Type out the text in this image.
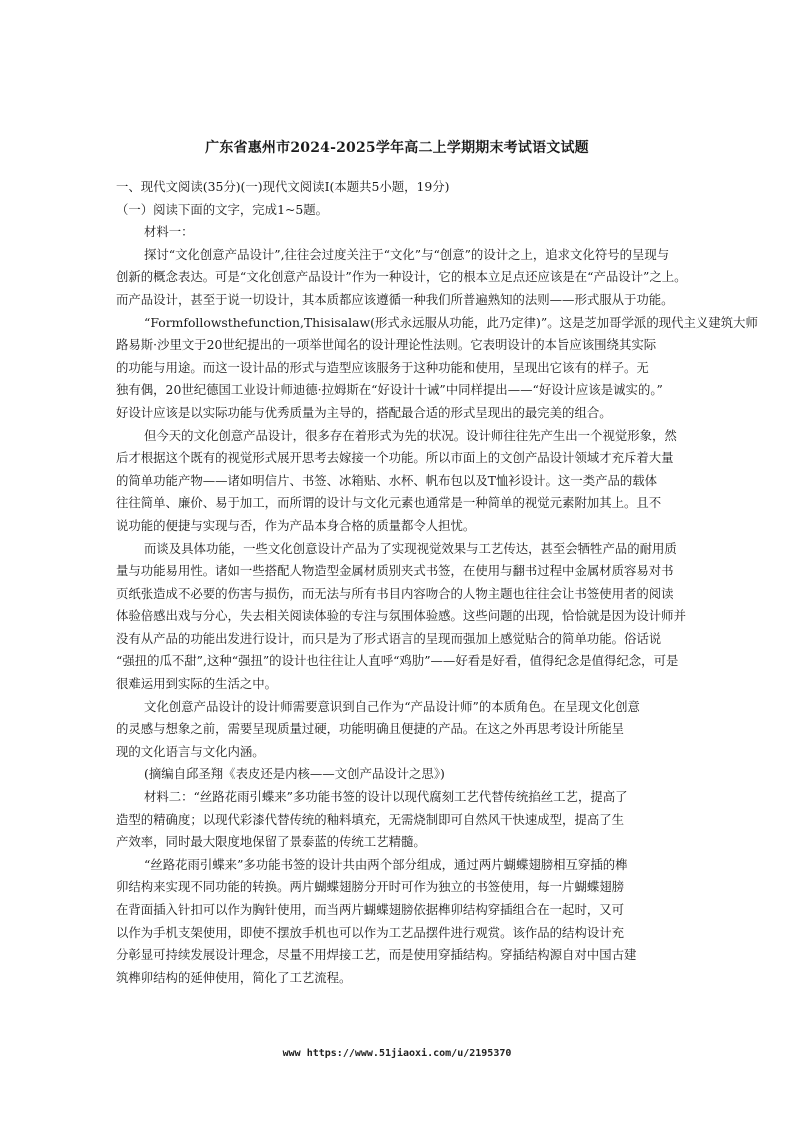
广东省惠州市2024-2025学年高二上学期期末考试语文试题
一、现代文阅读(35分)(一)现代文阅读I(本题共5小题，19分)
（一）阅读下面的文字，完成1~5题。
材料一：
探讨“文化创意产品设计”,往往会过度关注于“文化”与“创意”的设计之上，追求文化符号的呈现与
创新的概念表达。可是“文化创意产品设计”作为一种设计，它的根本立足点还应该是在“产品设计”之上。
而产品设计，甚至于说一切设计，其本质都应该遵循一种我们所普遍熟知的法则——形式服从于功能。
“Formfollowsthefunction,Thisisalaw(形式永远服从功能，此乃定律)”。这是芝加哥学派的现代主义建筑大师
路易斯·沙里文于20世纪提出的一项举世闻名的设计理论性法则。它表明设计的本旨应该围绕其实际
的功能与用途。而这一设计品的形式与造型应该服务于这种功能和使用，呈现出它该有的样子。无
独有偶，20世纪德国工业设计师迪德·拉姆斯在“好设计十诫”中同样提出——“好设计应该是诚实的。”
好设计应该是以实际功能与优秀质量为主导的，搭配最合适的形式呈现出的最完美的组合。
但今天的文化创意产品设计，很多存在着形式为先的状况。设计师往往先产生出一个视觉形象，然
后才根据这个既有的视觉形式展开思考去嫁接一个功能。所以市面上的文创产品设计领域才充斥着大量
的简单功能产物——诸如明信片、书签、冰箱贴、水杯、帆布包以及T恤衫设计。这一类产品的载体
往往简单、廉价、易于加工，而所谓的设计与文化元素也通常是一种简单的视觉元素附加其上。且不
说功能的便捷与实现与否，作为产品本身合格的质量都令人担忧。
而谈及具体功能，一些文化创意设计产品为了实现视觉效果与工艺传达，甚至会牺牲产品的耐用质
量与功能易用性。诸如一些搭配人物造型金属材质别夹式书签，在使用与翻书过程中金属材质容易对书
页纸张造成不必要的伤害与损伤，而无法与所有书目内容吻合的人物主题也往往会让书签使用者的阅读
体验倍感出戏与分心，失去相关阅读体验的专注与氛围体验感。这些问题的出现，恰恰就是因为设计师并
没有从产品的功能出发进行设计，而只是为了形式语言的呈现而强加上感觉贴合的简单功能。俗话说
“强扭的瓜不甜”,这种“强扭”的设计也往往让人直呼“鸡肋”——好看是好看，值得纪念是值得纪念，可是
很难运用到实际的生活之中。
文化创意产品设计的设计师需要意识到自己作为“产品设计师”的本质角色。在呈现文化创意
的灵感与想象之前，需要呈现质量过硬，功能明确且便捷的产品。在这之外再思考设计所能呈
现的文化语言与文化内涵。
(摘编自邱圣翔《表皮还是内核——文创产品设计之思》)
材料二：“丝路花雨引蝶来”多功能书签的设计以现代腐刻工艺代替传统掐丝工艺，提高了
造型的精确度；以现代彩漆代替传统的釉料填充，无需烧制即可自然风干快速成型，提高了生
产效率，同时最大限度地保留了景泰蓝的传统工艺精髓。
“丝路花雨引蝶来”多功能书签的设计共由两个部分组成，通过两片蝴蝶翅膀相互穿插的榫
卯结构来实现不同功能的转换。两片蝴蝶翅膀分开时可作为独立的书签使用，每一片蝴蝶翅膀
在背面插入针扣可以作为胸针使用，而当两片蝴蝶翅膀依据榫卯结构穿插组合在一起时，又可
以作为手机支架使用，即使不摆放手机也可以作为工艺品摆件进行观赏。该作品的结构设计充
分彰显可持续发展设计理念，尽量不用焊接工艺，而是使用穿插结构。穿插结构源自对中国古建
筑榫卯结构的延伸使用，简化了工艺流程。
www https://www.51jiaoxi.com/u/2195370
